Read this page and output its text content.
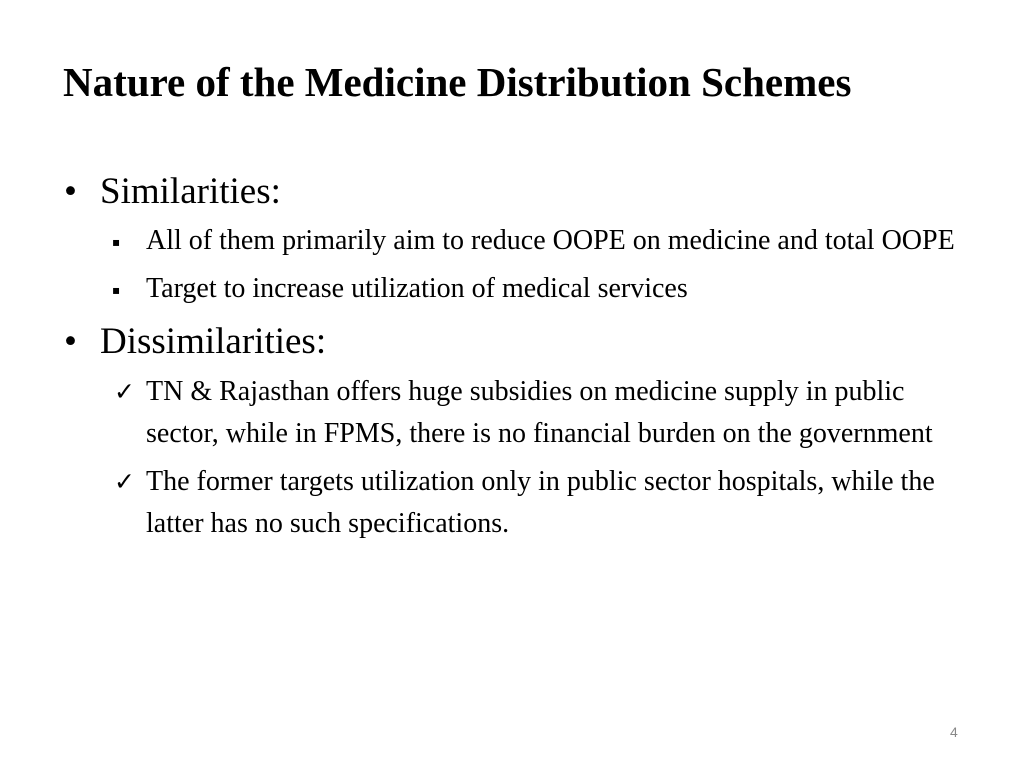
Nature of the Medicine Distribution Schemes
• Similarities:
▪ All of them primarily aim to reduce OOPE on medicine and total OOPE
▪ Target to increase utilization of medical services
• Dissimilarities:
✓ TN & Rajasthan offers huge subsidies on medicine supply in public sector, while in FPMS, there is no financial burden on the government
✓ The former targets utilization only in public sector hospitals, while the latter has no such specifications.
4
